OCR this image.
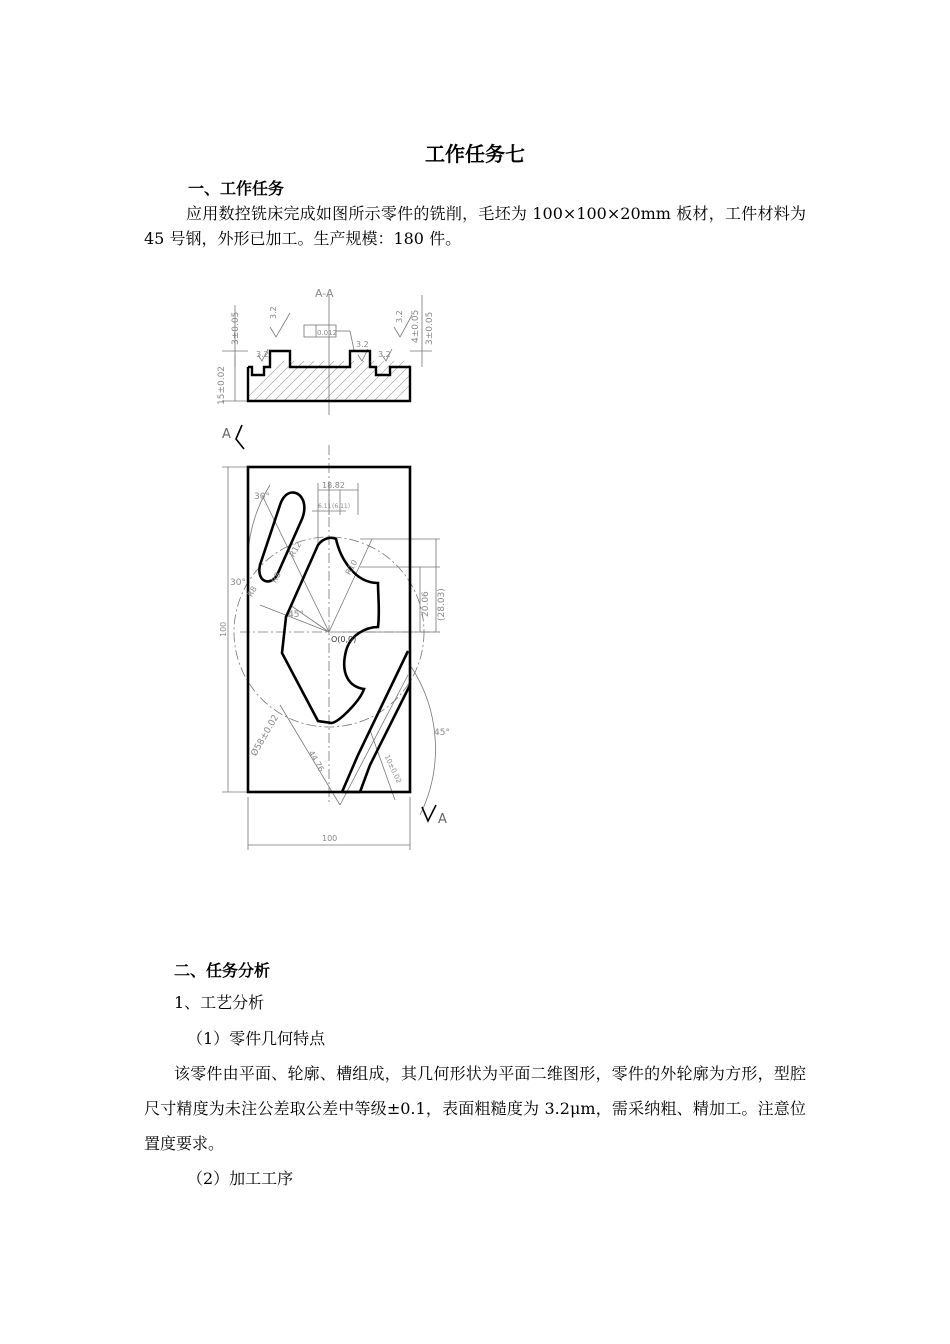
工作任务七
一、工作任务
应用数控铣床完成如图所示零件的铣削，毛坯为 100×100×20mm 板材，工件材料为 45 号钢，外形已加工。生产规模：180 件。
A-A
A
A
0.012
3.2	3.2
3.2
3.2
3.2
3±0.05
15±0.02
4±0.05 3±0.05
18.82
6.11 (6.11)
20.06 (28.03)
100
100
30°
30°
45°
45°
Ø58±0.02
44.76	10±0.02
R12
R10
R8
R8
O(0,0)
二、任务分析
1、工艺分析
（1）零件几何特点
该零件由平面、轮廓、槽组成，其几何形状为平面二维图形，零件的外轮廓为方形，型腔尺寸精度为未注公差取公差中等级±0.1，表面粗糙度为 3.2μm，需采纳粗、精加工。注意位置度要求。
（2）加工工序
